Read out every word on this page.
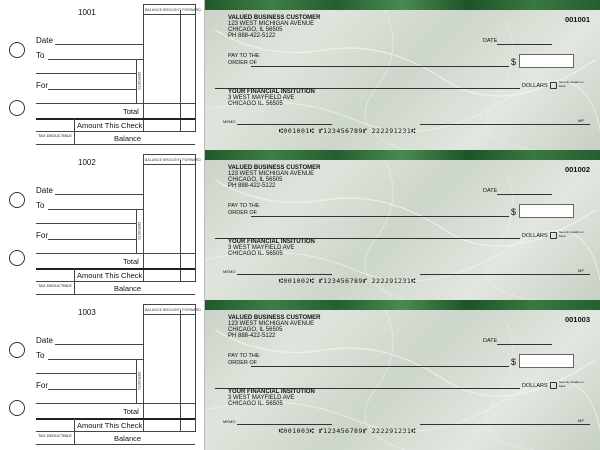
1001	BALANCE BROUGHT FORWARD
Date
To
For	DEPOSITS
Total
Amount This Check
TAX DEDUCTIBLE	Balance
1002	BALANCE BROUGHT FORWARD
Date
To
For	DEPOSITS
Total
Amount This Check
TAX DEDUCTIBLE	Balance
1003	BALANCE BROUGHT FORWARD
Date
To
For	DEPOSITS
Total
Amount This Check
TAX DEDUCTIBLE	Balance
VALUED BUSINESS CUSTOMER
123 WEST MICHIGAN AVENUE
CHICAGO, IL 56505
PH 888-422-5122
001001
DATE
PAY TO THE
ORDER OF	$
DOLLARS
Security details on back
YOUR FINANCIAL INSITUTION
3 WEST MAYFIELD AVE
CHICAGO IL. 56505
MEMO	MP
⑆001001⑆ ⑈123456789⑈ 222291231⑆
VALUED BUSINESS CUSTOMER
123 WEST MICHIGAN AVENUE
CHICAGO, IL 56505
PH 888-422-5122
001002
DATE
PAY TO THE
ORDER OF	$
DOLLARS
Security details on back
YOUR FINANCIAL INSITUTION
3 WEST MAYFIELD AVE
CHICAGO IL. 56505
MEMO	MP
⑆001002⑆ ⑈123456789⑈ 222291231⑆
VALUED BUSINESS CUSTOMER
123 WEST MICHIGAN AVENUE
CHICAGO, IL 56505
PH 888-422-5122
001003
DATE
PAY TO THE
ORDER OF	$
DOLLARS
Security details on back
YOUR FINANCIAL INSITUTION
3 WEST MAYFIELD AVE
CHICAGO IL. 56505
MEMO	MP
⑆001003⑆ ⑈123456789⑈ 222291231⑆
